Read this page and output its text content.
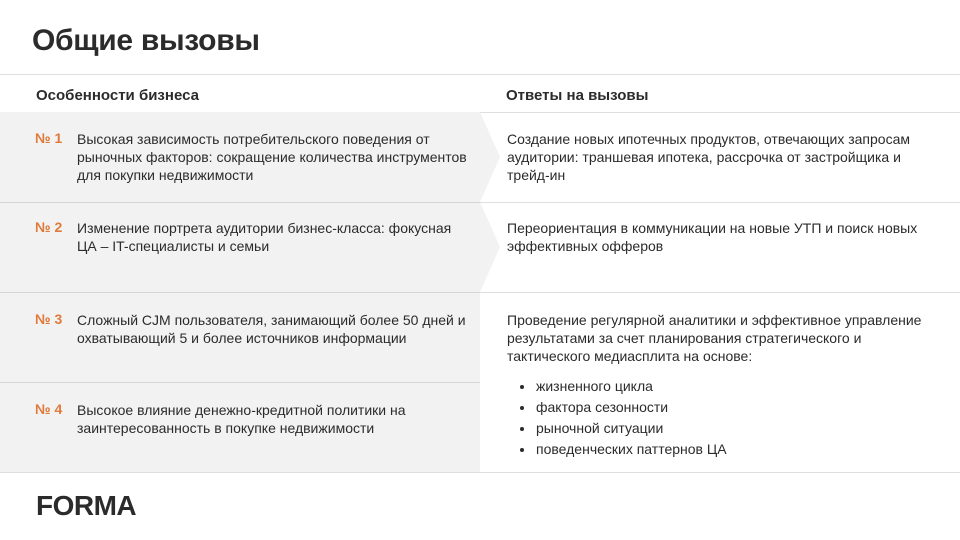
Общие вызовы
Особенности бизнеса	Ответы на вызовы
№ 1 Высокая зависимость потребительского поведения от рыночных факторов: сокращение количества инструментов для покупки недвижимости
№ 2 Изменение портрета аудитории бизнес-класса: фокусная ЦА – IT-специалисты и семьи
№ 3 Сложный CJM пользователя, занимающий более 50 дней и охватывающий 5 и более источников информации
№ 4 Высокое влияние денежно-кредитной политики на заинтересованность в покупке недвижимости
Создание новых ипотечных продуктов, отвечающих запросам аудитории: траншевая ипотека, рассрочка от застройщика и трейд-ин
Переориентация в коммуникации на новые УТП и поиск новых эффективных офферов
Проведение регулярной аналитики и эффективное управление результатами за счет планирования стратегического и тактического медиасплита на основе:
жизненного цикла
фактора сезонности
рыночной ситуации
поведенческих паттернов ЦА
FORMA
